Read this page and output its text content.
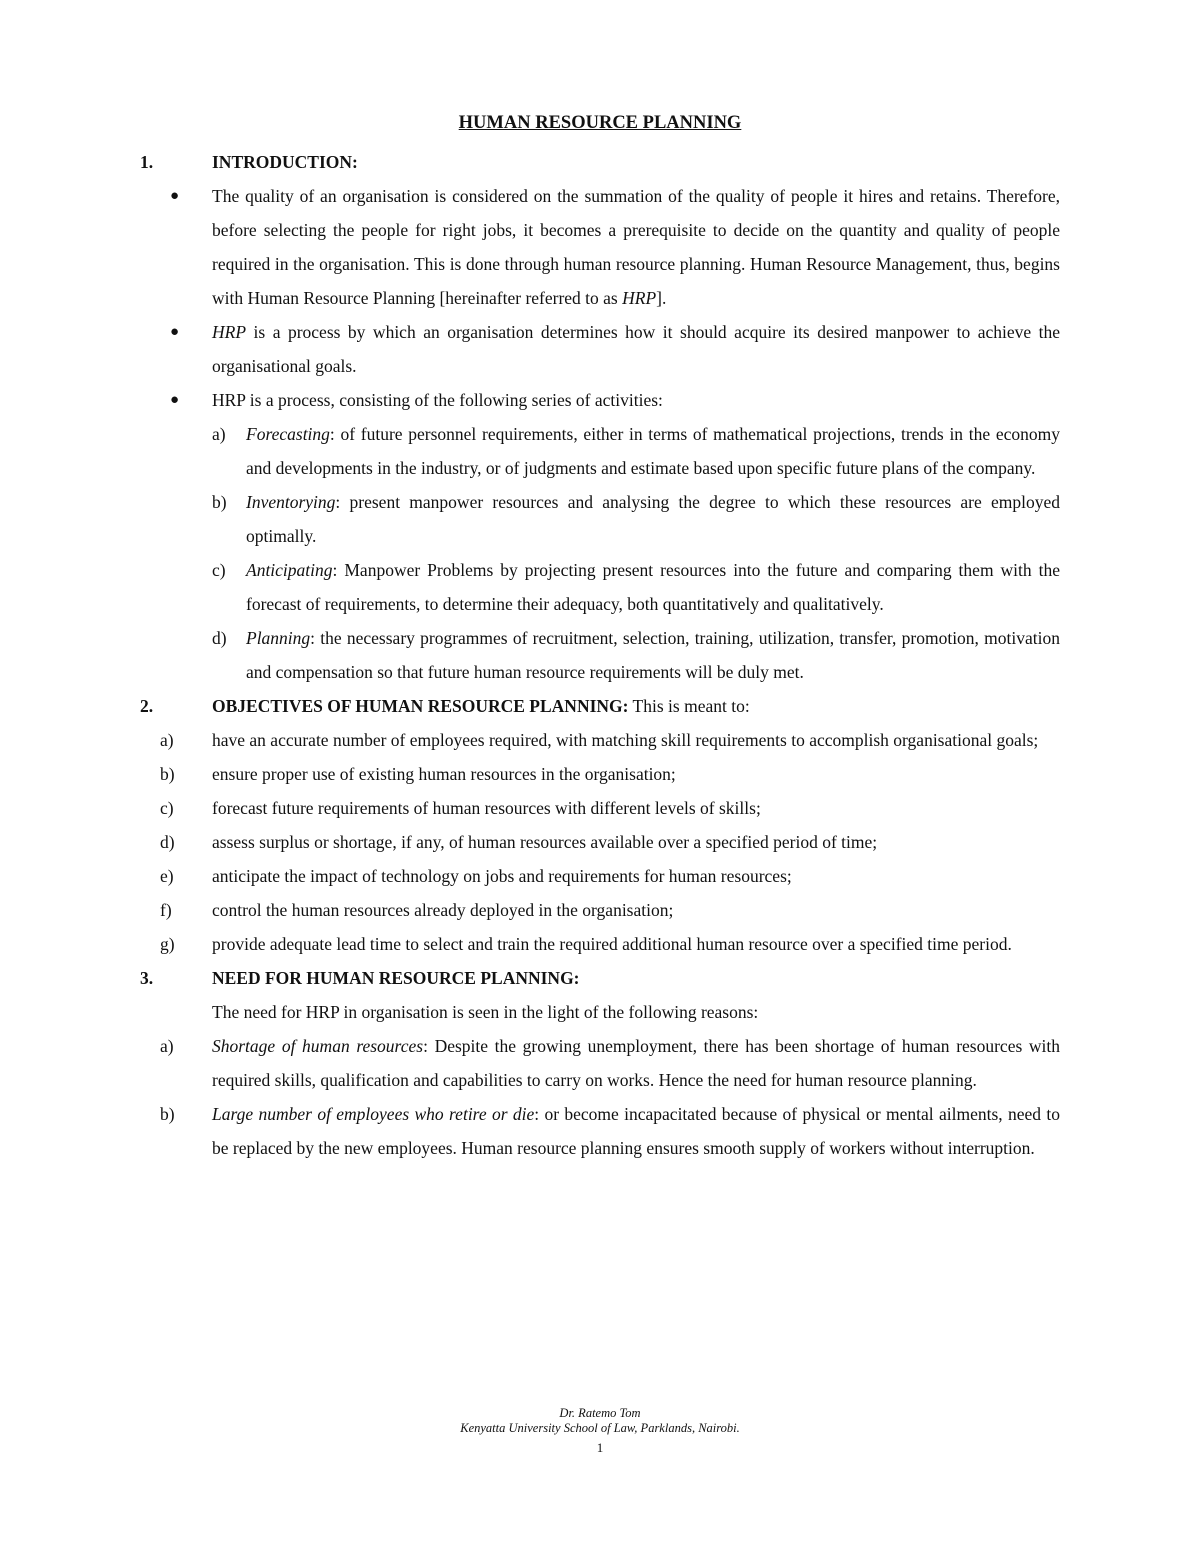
HUMAN RESOURCE PLANNING
1.	INTRODUCTION:
●	The quality of an organisation is considered on the summation of the quality of people it hires and retains. Therefore, before selecting the people for right jobs, it becomes a prerequisite to decide on the quantity and quality of people required in the organisation. This is done through human resource planning. Human Resource Management, thus, begins with Human Resource Planning [hereinafter referred to as HRP].
●	HRP is a process by which an organisation determines how it should acquire its desired manpower to achieve the organisational goals.
●	HRP is a process, consisting of the following series of activities:
a)	Forecasting: of future personnel requirements, either in terms of mathematical projections, trends in the economy and developments in the industry, or of judgments and estimate based upon specific future plans of the company.
b)	Inventorying: present manpower resources and analysing the degree to which these resources are employed optimally.
c)	Anticipating: Manpower Problems by projecting present resources into the future and comparing them with the forecast of requirements, to determine their adequacy, both quantitatively and qualitatively.
d)	Planning: the necessary programmes of recruitment, selection, training, utilization, transfer, promotion, motivation and compensation so that future human resource requirements will be duly met.
2.	OBJECTIVES OF HUMAN RESOURCE PLANNING: This is meant to:
a)	have an accurate number of employees required, with matching skill requirements to accomplish organisational goals;
b)	ensure proper use of existing human resources in the organisation;
c)	forecast future requirements of human resources with different levels of skills;
d)	assess surplus or shortage, if any, of human resources available over a specified period of time;
e)	anticipate the impact of technology on jobs and requirements for human resources;
f)	control the human resources already deployed in the organisation;
g)	provide adequate lead time to select and train the required additional human resource over a specified time period.
3.	NEED FOR HUMAN RESOURCE PLANNING:
The need for HRP in organisation is seen in the light of the following reasons:
a)	Shortage of human resources: Despite the growing unemployment, there has been shortage of human resources with required skills, qualification and capabilities to carry on works. Hence the need for human resource planning.
b)	Large number of employees who retire or die: or become incapacitated because of physical or mental ailments, need to be replaced by the new employees. Human resource planning ensures smooth supply of workers without interruption.
Dr. Ratemo Tom
Kenyatta University School of Law, Parklands, Nairobi.
1
